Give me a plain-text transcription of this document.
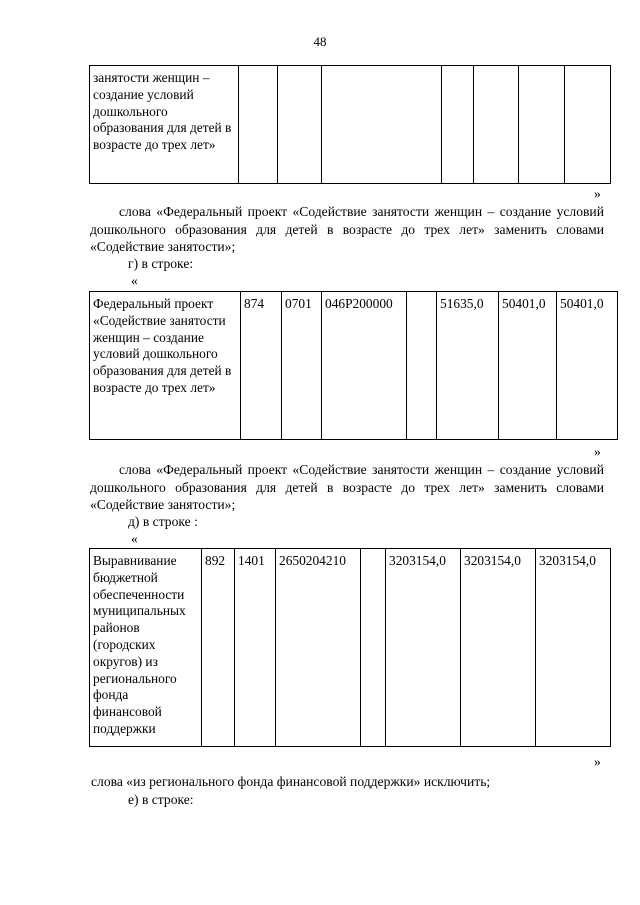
48
занятости женщин – создание условий дошкольного образования для детей в возрасте до трех лет»							
»
слова «Федеральный проект «Содействие занятости женщин – создание условий дошкольного образования для детей в возрасте до трех лет» заменить словами «Содействие занятости»;
г) в строке:
«
Федеральный проект «Содействие занятости женщин – создание условий дошкольного образования для детей в возрасте до трех лет»	874	0701	046P200000		51635,0	50401,0	50401,0
»
слова «Федеральный проект «Содействие занятости женщин – создание условий дошкольного образования для детей в возрасте до трех лет» заменить словами «Содействие занятости»;
д) в строке :
«
Выравнивание бюджетной обеспеченности муниципальных районов (городских округов) из регионального фонда финансовой поддержки	892	1401	2650204210		3203154,0	3203154,0	3203154,0
»
слова «из регионального фонда финансовой поддержки» исключить;
е) в строке:
